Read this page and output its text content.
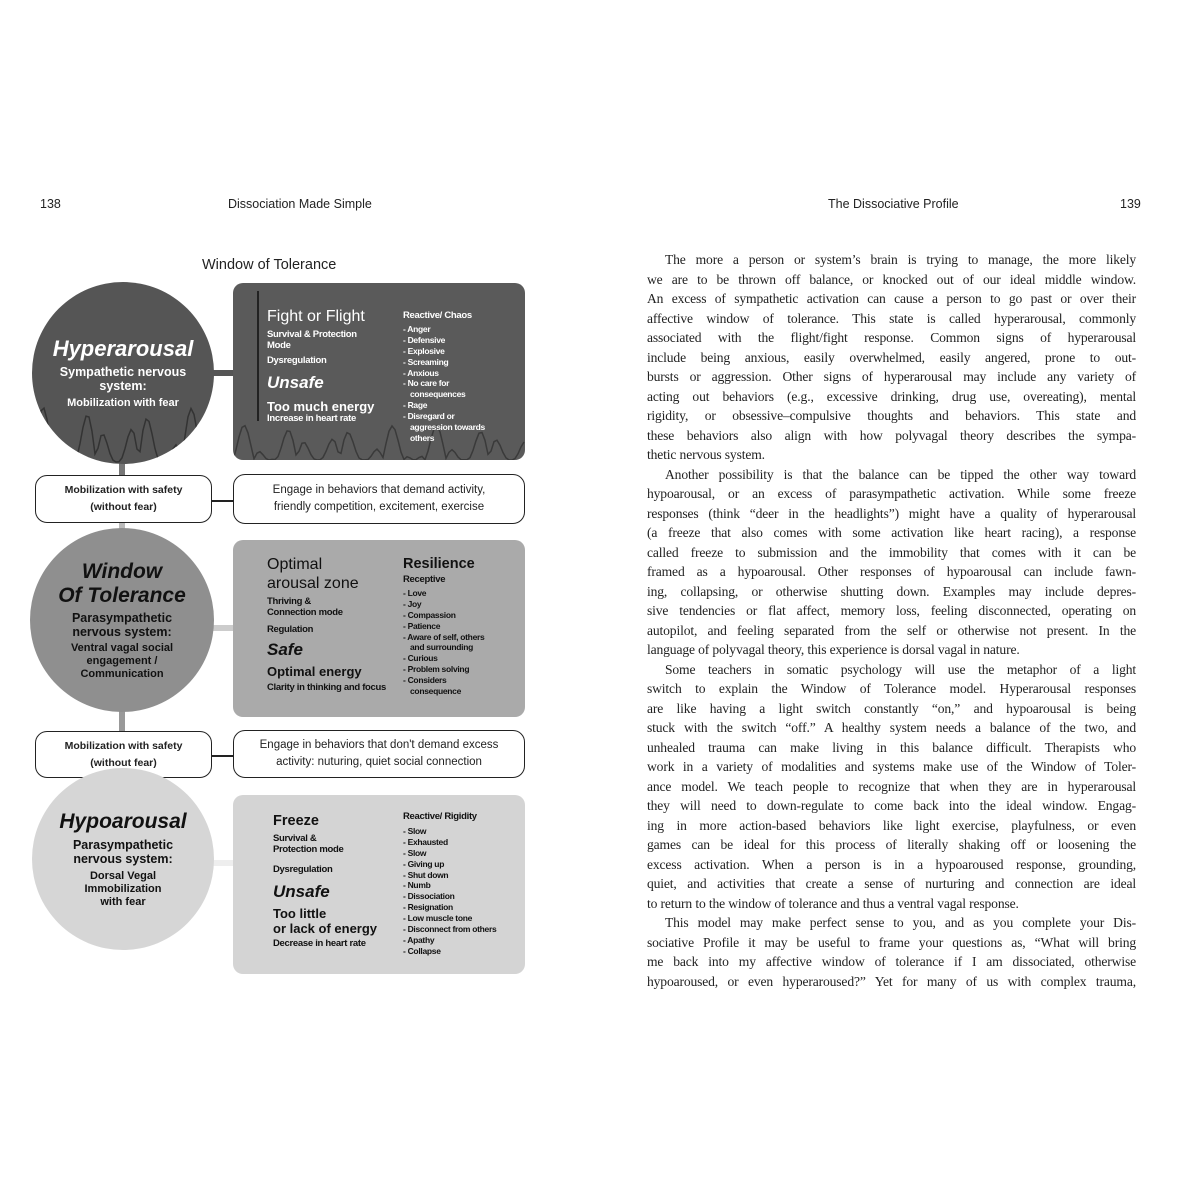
138	Dissociation Made Simple	The Dissociative Profile	139
Window of Tolerance
Hyperarousal
Sympathetic nervous system:
Mobilization with fear
Fight or Flight
Survival & Protection Mode
Dysregulation
Unsafe
Too much energy
Increase in heart rate
Reactive/ Chaos
- Anger
- Defensive
- Explosive
- Screaming
- Anxious
- No care for
consequences
- Rage
- Disregard or
aggression towards
others
Mobilization with safety
(without fear)
Engage in behaviors that demand activity,
friendly competition, excitement, exercise
Window
Of Tolerance
Parasympathetic nervous system:
Ventral vagal social engagement / Communication
Optimal
arousal zone
Thriving &
Connection mode
Regulation
Safe
Optimal energy
Clarity in thinking and focus
Resilience
Receptive
- Love
- Joy
- Compassion
- Patience
- Aware of self, others
and surrounding
- Curious
- Problem solving
- Considers
consequence
Mobilization with safety
(without fear)
Engage in behaviors that don't demand excess
activity: nuturing, quiet social connection
Hypoarousal
Parasympathetic nervous system:
Dorsal Vegal Immobilization with fear
Freeze
Survival &
Protection mode
Dysregulation
Unsafe
Too little
or lack of energy
Decrease in heart rate
Reactive/ Rigidity
- Slow
- Exhausted
- Slow
- Giving up
- Shut down
- Numb
- Dissociation
- Resignation
- Low muscle tone
- Disconnect from others
- Apathy
- Collapse
The more a person or system’s brain is trying to manage, the more likely
we are to be thrown off balance, or knocked out of our ideal middle window.
An excess of sympathetic activation can cause a person to go past or over their
affective window of tolerance. This state is called hyperarousal, commonly
associated with the flight/fight response. Common signs of hyperarousal
include being anxious, easily overwhelmed, easily angered, prone to out-
bursts or aggression. Other signs of hyperarousal may include any variety of
acting out behaviors (e.g., excessive drinking, drug use, overeating), mental
rigidity, or obsessive–compulsive thoughts and behaviors. This state and
these behaviors also align with how polyvagal theory describes the sympa-
thetic nervous system.
Another possibility is that the balance can be tipped the other way toward
hypoarousal, or an excess of parasympathetic activation. While some freeze
responses (think “deer in the headlights”) might have a quality of hyperarousal
(a freeze that also comes with some activation like heart racing), a response
called freeze to submission and the immobility that comes with it can be
framed as a hypoarousal. Other responses of hypoarousal can include fawn-
ing, collapsing, or otherwise shutting down. Examples may include depres-
sive tendencies or flat affect, memory loss, feeling disconnected, operating on
autopilot, and feeling separated from the self or otherwise not present. In the
language of polyvagal theory, this experience is dorsal vagal in nature.
Some teachers in somatic psychology will use the metaphor of a light
switch to explain the Window of Tolerance model. Hyperarousal responses
are like having a light switch constantly “on,” and hypoarousal is being
stuck with the switch “off.” A healthy system needs a balance of the two, and
unhealed trauma can make living in this balance difficult. Therapists who
work in a variety of modalities and systems make use of the Window of Toler-
ance model. We teach people to recognize that when they are in hyperarousal
they will need to down-regulate to come back into the ideal window. Engag-
ing in more action-based behaviors like light exercise, playfulness, or even
games can be ideal for this process of literally shaking off or loosening the
excess activation. When a person is in a hypoaroused response, grounding,
quiet, and activities that create a sense of nurturing and connection are ideal
to return to the window of tolerance and thus a ventral vagal response.
This model may make perfect sense to you, and as you complete your Dis-
sociative Profile it may be useful to frame your questions as, “What will bring
me back into my affective window of tolerance if I am dissociated, otherwise
hypoaroused, or even hyperaroused?” Yet for many of us with complex trauma,
